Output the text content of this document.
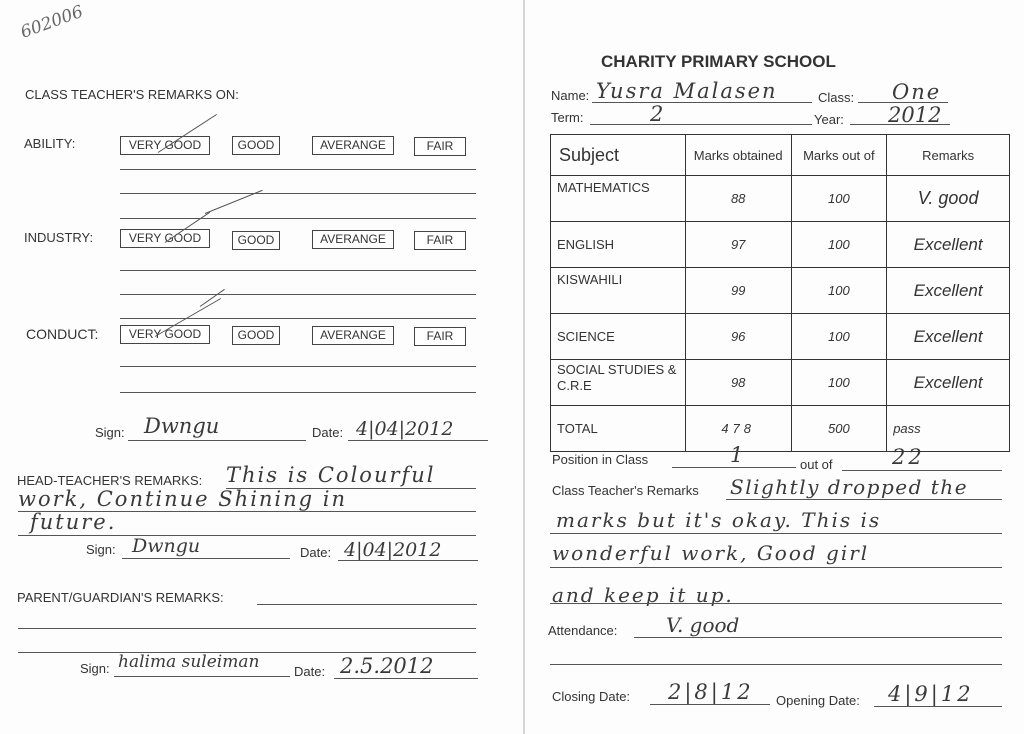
602006
CLASS TEACHER'S REMARKS ON:
ABILITY:	VERY GOOD	GOOD	AVERANGE	FAIR
INDUSTRY:	VERY GOOD	GOOD	AVERANGE	FAIR
CONDUCT:	VERY GOOD	GOOD	AVERANGE	FAIR
Sign: Dwngu	Date: 4|04|2012
HEAD-TEACHER'S REMARKS: This is Colourful
work, Continue Shining in
future.
Sign: Dwngu	Date: 4|04|2012
PARENT/GUARDIAN'S REMARKS:
Sign: halima suleiman	Date: 2.5.2012
CHARITY PRIMARY SCHOOL
Name: Yusra Malasen	Class: One
Term:	2	Year: 2012
Subject	Marks obtained	Marks out of	Remarks
MATHEMATICS	88	100	V. good
ENGLISH	97	100	Excellent
KISWAHILI	99	100	Excellent
SCIENCE	96	100	Excellent
SOCIAL STUDIES & C.R.E	98	100	Excellent
TOTAL	478	500	pass
Position in Class	1	out of	22
Class Teacher's Remarks Slightly dropped the
marks but it's okay. This is
wonderful work, Good girl
and keep it up.
Attendance: V. good
Closing Date: 2|8|12 Opening Date: 4|9|12
